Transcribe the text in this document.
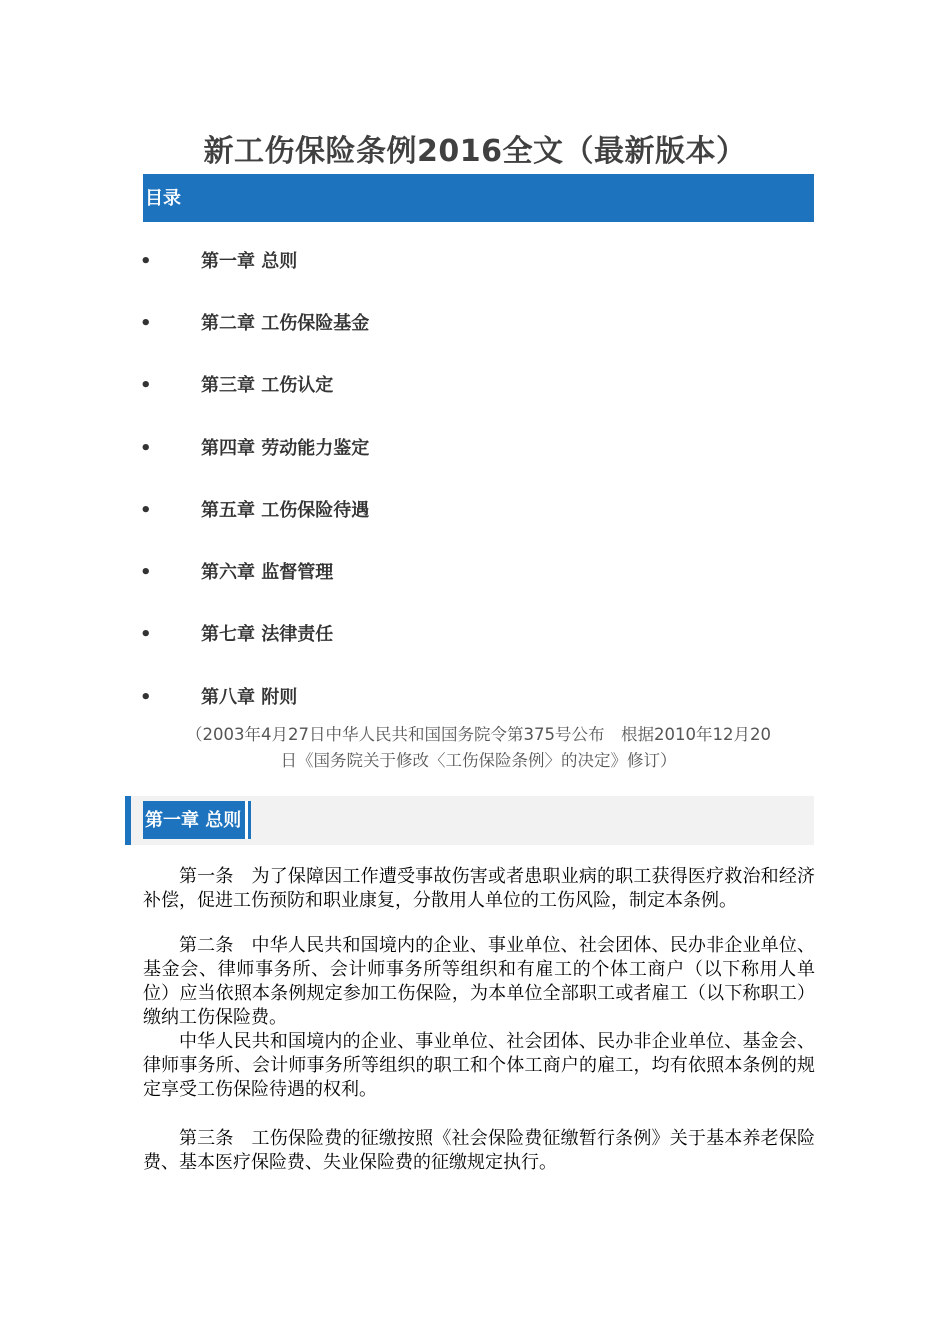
新工伤保险条例2016全文（最新版本）
目录
•	第一章 总则
•	第二章 工伤保险基金
•	第三章 工伤认定
•	第四章 劳动能力鉴定
•	第五章 工伤保险待遇
•	第六章 监督管理
•	第七章 法律责任
•	第八章 附则
（2003年4月27日中华人民共和国国务院令第375号公布　根据2010年12月20
日《国务院关于修改〈工伤保险条例〉的决定》修订）
第一章 总则

第一条 为了保障因工作遭受事故伤害或者患职业病的职工获得医疗救治和经济补偿，促进工伤预防和职业康复，分散用人单位的工伤风险，制定本条例。

第二条 中华人民共和国境内的企业、事业单位、社会团体、民办非企业单位、基金会、律师事务所、会计师事务所等组织和有雇工的个体工商户（以下称用人单位）应当依照本条例规定参加工伤保险，为本单位全部职工或者雇工（以下称职工）缴纳工伤保险费。

中华人民共和国境内的企业、事业单位、社会团体、民办非企业单位、基金会、律师事务所、会计师事务所等组织的职工和个体工商户的雇工，均有依照本条例的规定享受工伤保险待遇的权利。

第三条 工伤保险费的征缴按照《社会保险费征缴暂行条例》关于基本养老保险费、基本医疗保险费、失业保险费的征缴规定执行。
